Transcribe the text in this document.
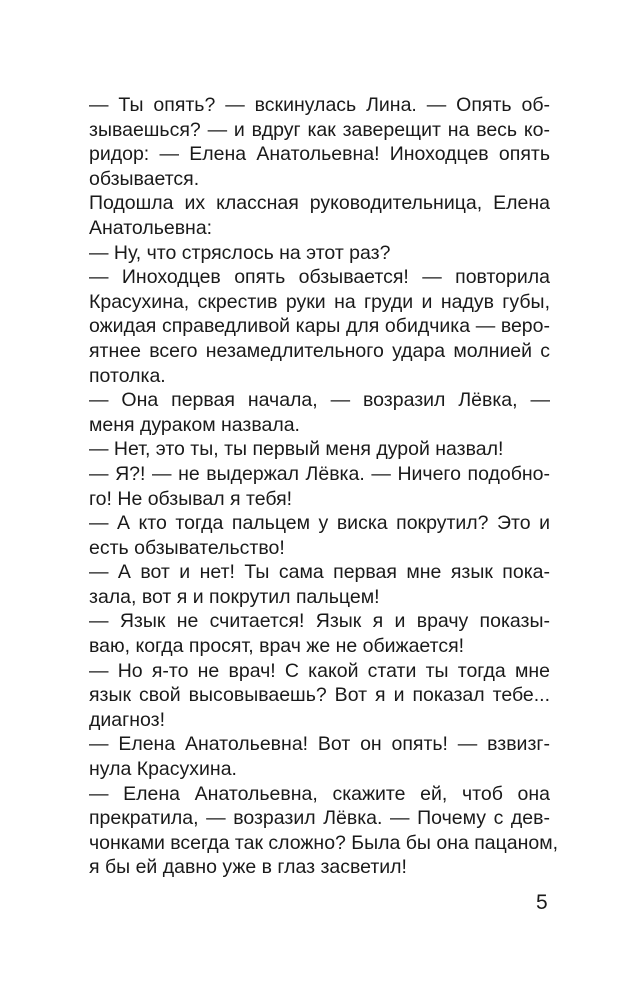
— Ты опять? — вскинулась Лина. — Опять об-
зываешься? — и вдруг как заверещит на весь ко-
ридор: — Елена Анатольевна! Иноходцев опять
обзывается.
Подошла их классная руководительница, Елена
Анатольевна:
— Ну, что стряслось на этот раз?
— Иноходцев опять обзывается! — повторила
Красухина, скрестив руки на груди и надув губы,
ожидая справедливой кары для обидчика — веро-
ятнее всего незамедлительного удара молнией с
потолка.
— Она первая начала, — возразил Лёвка, —
меня дураком назвала.
— Нет, это ты, ты первый меня дурой назвал!
— Я?! — не выдержал Лёвка. — Ничего подобно-
го! Не обзывал я тебя!
— А кто тогда пальцем у виска покрутил? Это и
есть обзывательство!
— А вот и нет! Ты сама первая мне язык пока-
зала, вот я и покрутил пальцем!
— Язык не считается! Язык я и врачу показы-
ваю, когда просят, врач же не обижается!
— Но я-то не врач! С какой стати ты тогда мне
язык свой высовываешь? Вот я и показал тебе...
диагноз!
— Елена Анатольевна! Вот он опять! — взвизг-
нула Красухина.
— Елена Анатольевна, скажите ей, чтоб она
прекратила, — возразил Лёвка. — Почему с дев-
чонками всегда так сложно? Была бы она пацаном,
я бы ей давно уже в глаз засветил!
5
